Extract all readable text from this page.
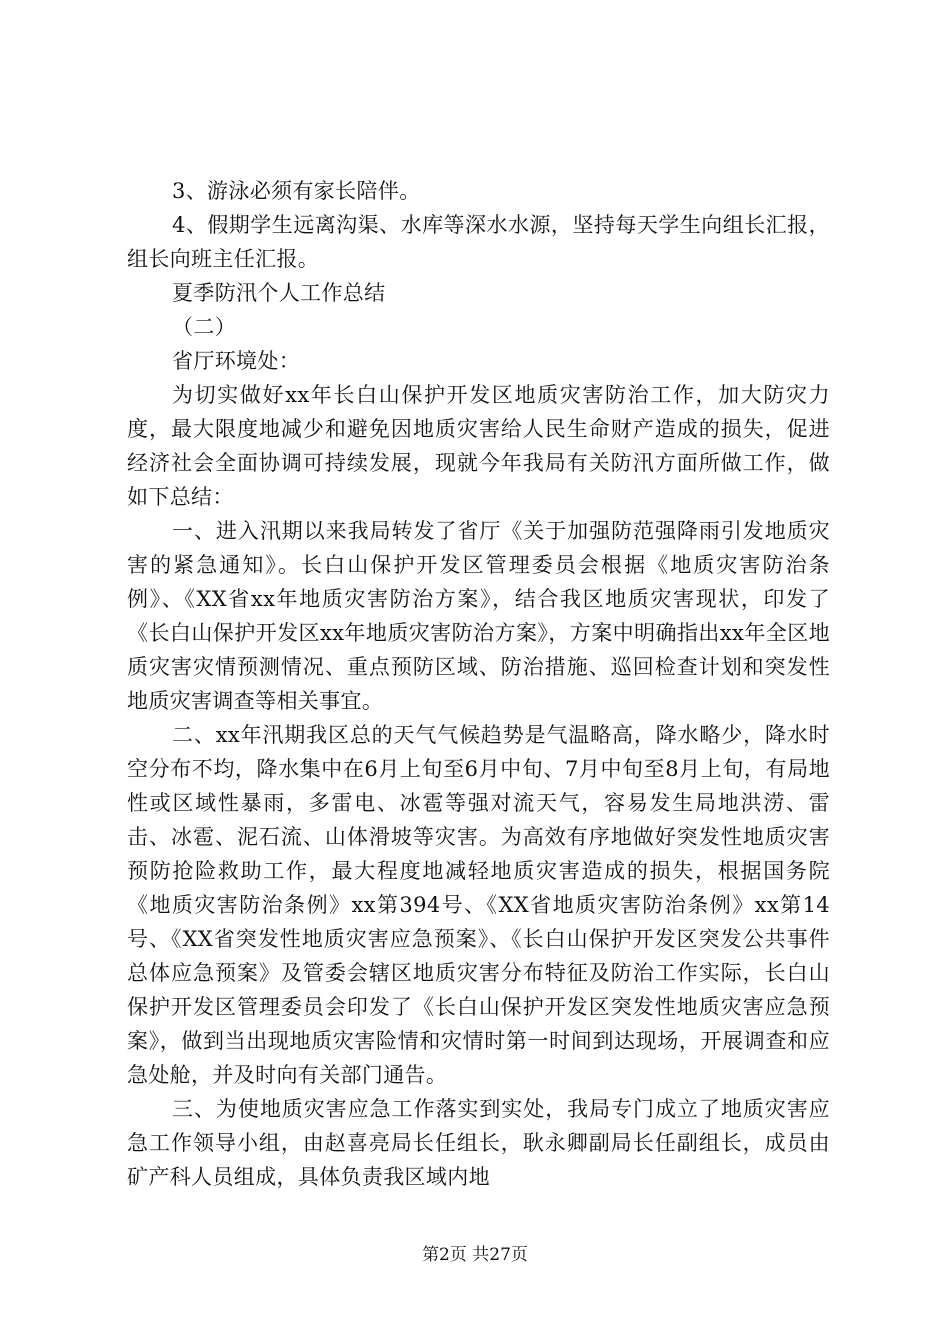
3、游泳必须有家长陪伴。

4、假期学生远离沟渠、水库等深水水源，坚持每天学生向组长汇报，组长向班主任汇报。

夏季防汛个人工作总结

（二）

省厅环境处：

为切实做好xx年长白山保护开发区地质灾害防治工作，加大防灾力度，最大限度地减少和避免因地质灾害给人民生命财产造成的损失，促进经济社会全面协调可持续发展，现就今年我局有关防汛方面所做工作，做如下总结：

一、进入汛期以来我局转发了省厅《关于加强防范强降雨引发地质灾害的紧急通知》。长白山保护开发区管理委员会根据《地质灾害防治条例》、《XX省xx年地质灾害防治方案》，结合我区地质灾害现状，印发了《长白山保护开发区xx年地质灾害防治方案》，方案中明确指出xx年全区地质灾害灾情预测情况、重点预防区域、防治措施、巡回检查计划和突发性地质灾害调查等相关事宜。

二、xx年汛期我区总的天气气候趋势是气温略高，降水略少，降水时空分布不均，降水集中在6月上旬至6月中旬、7月中旬至8月上旬，有局地性或区域性暴雨，多雷电、冰雹等强对流天气，容易发生局地洪涝、雷击、冰雹、泥石流、山体滑坡等灾害。为高效有序地做好突发性地质灾害预防抢险救助工作，最大程度地减轻地质灾害造成的损失，根据国务院《地质灾害防治条例》xx第394号、《XX省地质灾害防治条例》xx第14号、《XX省突发性地质灾害应急预案》、《长白山保护开发区突发公共事件总体应急预案》及管委会辖区地质灾害分布特征及防治工作实际，长白山保护开发区管理委员会印发了《长白山保护开发区突发性地质灾害应急预案》，做到当出现地质灾害险情和灾情时第一时间到达现场，开展调查和应急处舱，并及时向有关部门通告。

三、为使地质灾害应急工作落实到实处，我局专门成立了地质灾害应急工作领导小组，由赵喜亮局长任组长，耿永卿副局长任副组长，成员由矿产科人员组成，具体负责我区域内地

第2页 共27页
